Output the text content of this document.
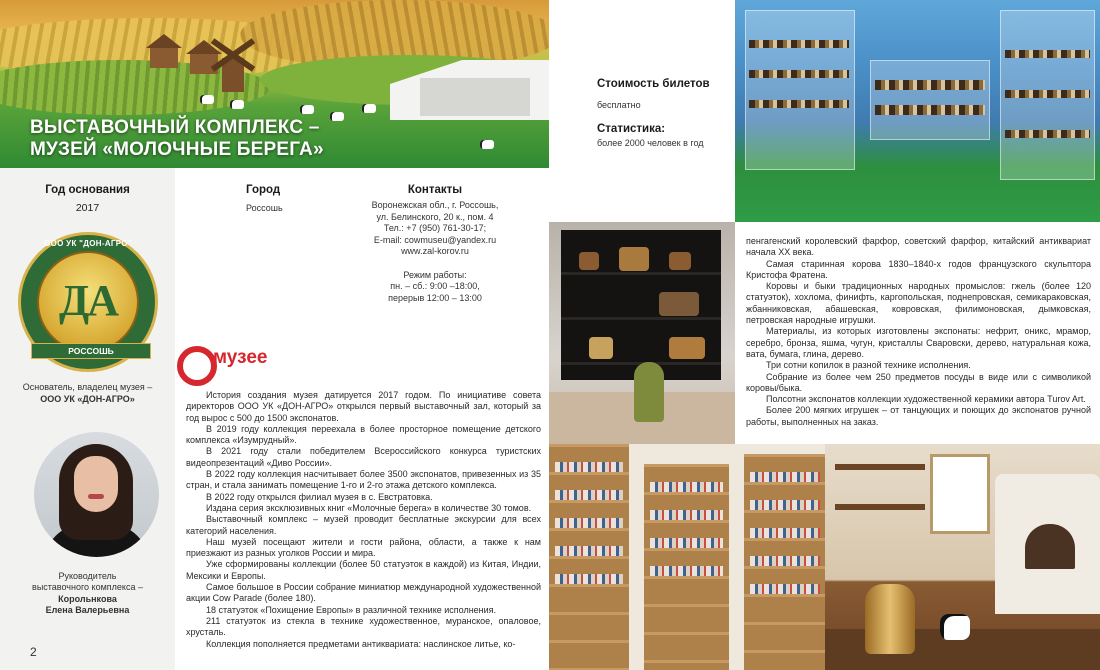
ВЫСТАВОЧНЫЙ КОМПЛЕКС –
МУЗЕЙ «МОЛОЧНЫЕ БЕРЕГА»
Год основания
2017
Город
Россошь
Контакты
Воронежская обл., г. Россошь,
ул. Белинского, 20 к., пом. 4
Тел.: +7 (950) 761-30-17;
E-mail: cowmuseu@yandex.ru
www.zal-korov.ru
Режим работы:
пн. – сб.: 9:00 –18:00,
перерыв 12:00 – 13:00
ООО УК "ДОН-АГРО"
ДА
РОССОШЬ
Основатель, владелец музея –
ООО УК «ДОН-АГРО»
Руководитель
выставочного комплекса –
Корольнкова
Елена Валерьевна
2
музее

История создания музея датируется 2017 годом. По инициативе совета директоров ООО УК «ДОН-АГРО» открылся первый выставочный зал, который за год вырос с 500 до 1500 экспонатов.

В 2019 году коллекция переехала в более просторное помещение детского комплекса «Изумрудный».

В 2021 году стали победителем Всероссийского конкурса туристских видеопрезентаций «Диво России».

В 2022 году коллекция насчитывает более 3500 экспонатов, привезенных из 35 стран, и стала занимать помещение 1-го и 2-го этажа детского комплекса.

В 2022 году открылся филиал музея в с. Евстратовка.

Издана серия эксклюзивных книг «Молочные берега» в количестве 30 томов.

Выставочный комплекс – музей проводит бесплатные экскурсии для всех категорий населения.

Наш музей посещают жители и гости района, области, а также к нам приезжают из разных уголков России и мира.

Уже сформированы коллекции (более 50 статуэток в каждой) из Китая, Индии, Мексики и Европы.

Самое большое в России собрание миниатюр международной художественной акции Cow Parade (более 180).

18 статуэток «Похищение Европы» в различной технике исполнения.

211 статуэток из стекла в технике художественное, муранское, опаловое, хрусталь.

Коллекция пополняется предметами антиквариата: наслинское литье, ко-

Стоимость билетов
бесплатно
Статистика:
более 2000 человек в год
пенгагенский королевский фарфор, советский фарфор, китайский антиквариат начала XX века.

Самая старинная корова 1830–1840-х годов французского скульптора Кристофа Фратена.

Коровы и быки традиционных народных промыслов: гжель (более 120 статуэток), хохлома, финифть, каргопольская, поднепровская, семикараковская, жбанниковская, абашевская, ковровская, филимоновская, дымковская, петровская народные игрушки.

Материалы, из которых изготовлены экспонаты: нефрит, оникс, мрамор, серебро, бронза, яшма, чугун, кристаллы Сваровски, дерево, натуральная кожа, вата, бумага, глина, дерево.

Три сотни копилок в разной технике исполнения.

Собрание из более чем 250 предметов посуды в виде или с символикой коровы/быка.

Полсотни экспонатов коллекции художественной керамики автора Turov Art.

Более 200 мягких игрушек – от танцующих и поющих до экспонатов ручной работы, выполненных на заказ.
